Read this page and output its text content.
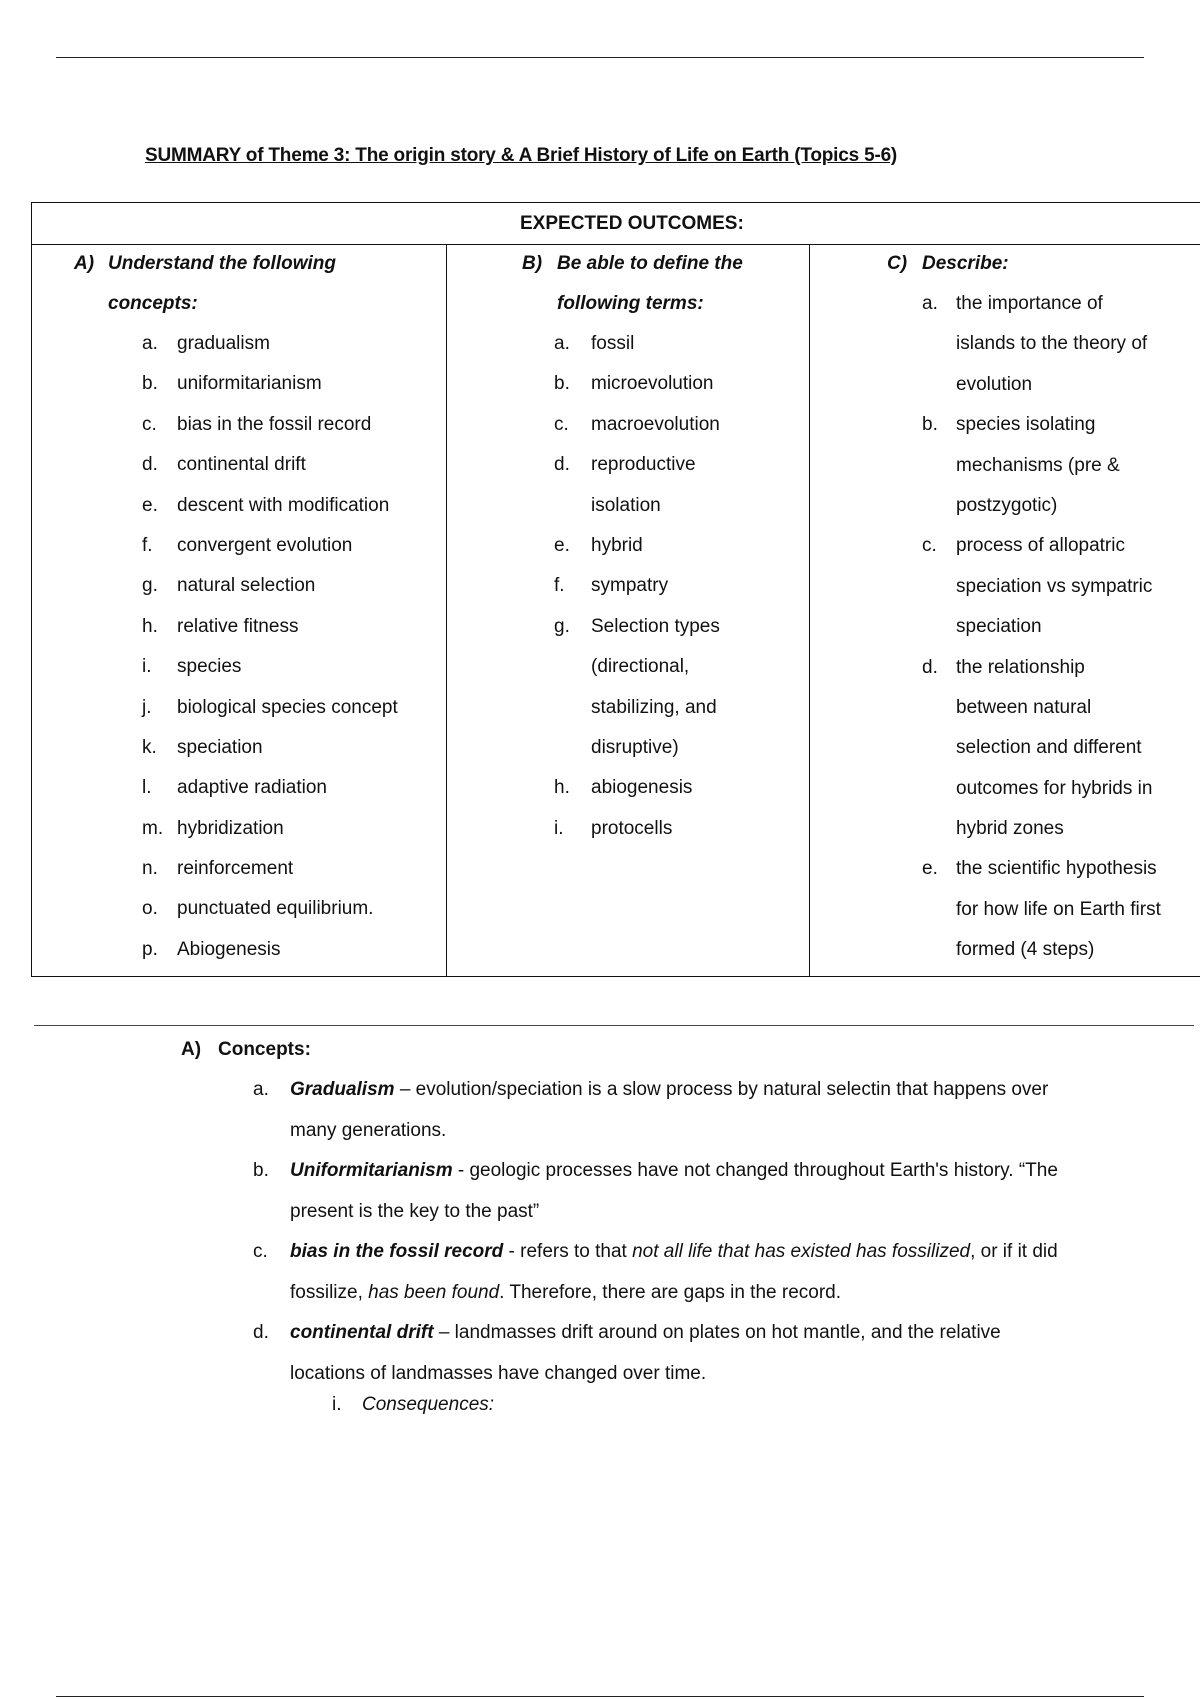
SUMMARY of Theme 3: The origin story & A Brief History of Life on Earth (Topics 5-6)
EXPECTED OUTCOMES:
A) Understand the following
concepts:
a. gradualism
b. uniformitarianism
c. bias in the fossil record
d. continental drift
e. descent with modification
f. convergent evolution
g. natural selection
h. relative fitness
i. species
j. biological species concept
k. speciation
l. adaptive radiation
m. hybridization
n. reinforcement
o. punctuated equilibrium.
p. Abiogenesis
B) Be able to define the
following terms:
a. fossil
b. microevolution
c. macroevolution
d. reproductive
isolation
e. hybrid
f. sympatry
g. Selection types
(directional,
stabilizing, and
disruptive)
h. abiogenesis
i. protocells
C) Describe:
a. the importance of
islands to the theory of
evolution
b. species isolating
mechanisms (pre &
postzygotic)
c. process of allopatric
speciation vs sympatric
speciation
d. the relationship
between natural
selection and different
outcomes for hybrids in
hybrid zones
e. the scientific hypothesis
for how life on Earth first
formed (4 steps)
A) Concepts:
a. Gradualism – evolution/speciation is a slow process by natural selectin that happens over many generations.
b. Uniformitarianism - geologic processes have not changed throughout Earth's history. “The present is the key to the past”
c. bias in the fossil record - refers to that not all life that has existed has fossilized, or if it did fossilize, has been found. Therefore, there are gaps in the record.
d. continental drift – landmasses drift around on plates on hot mantle, and the relative locations of landmasses have changed over time.
i. Consequences:
